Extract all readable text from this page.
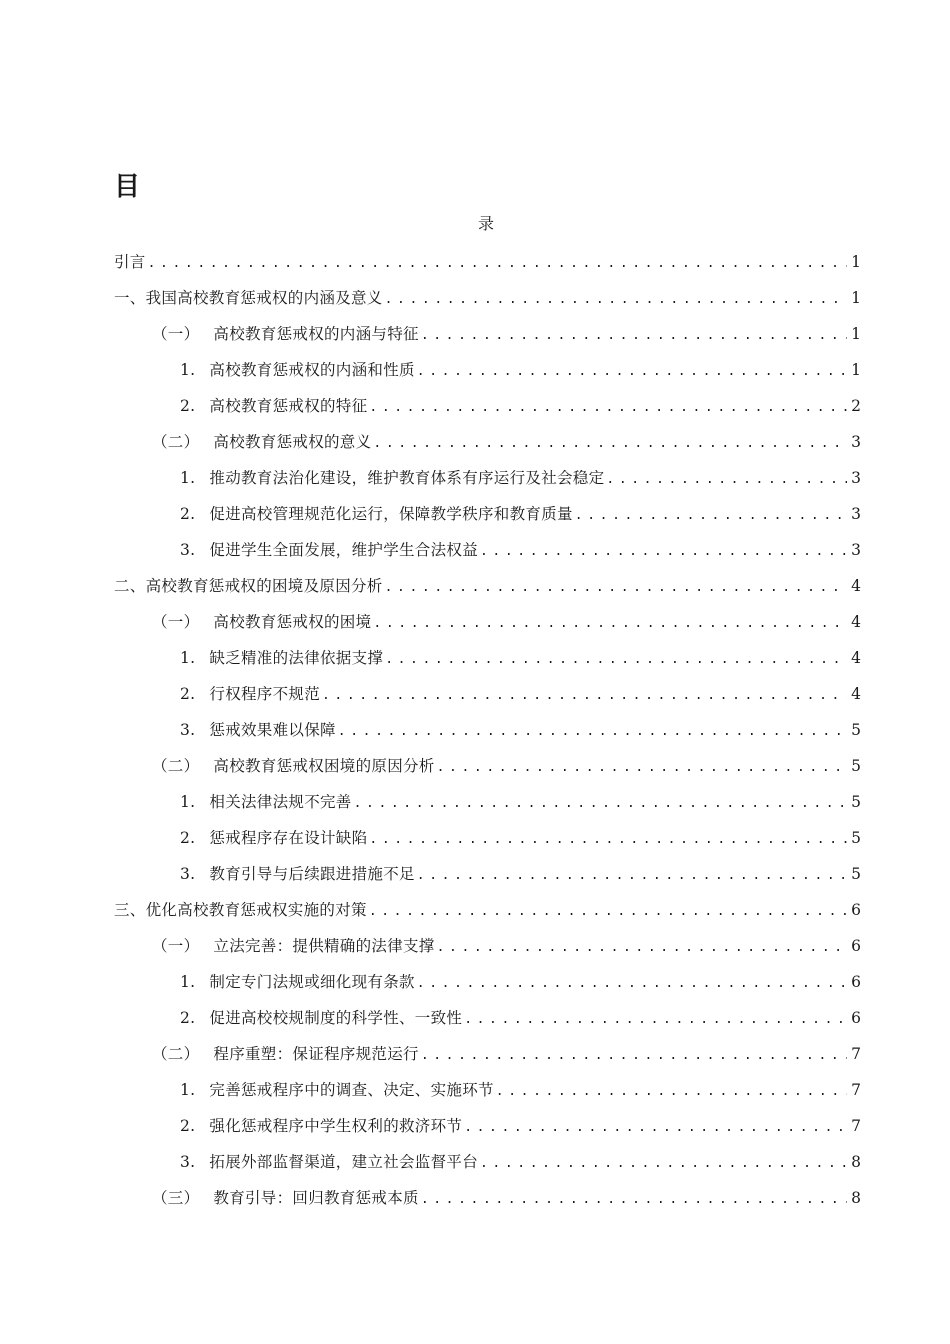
目
录
引言 .....	1
一、我国高校教育惩戒权的内涵及意义 .....	1
（一） 高校教育惩戒权的内涵与特征 .....	1
1. 高校教育惩戒权的内涵和性质 .....	1
2. 高校教育惩戒权的特征 .....	2
（二） 高校教育惩戒权的意义 .....	3
1. 推动教育法治化建设，维护教育体系有序运行及社会稳定 .....	3
2. 促进高校管理规范化运行，保障教学秩序和教育质量 .....	3
3. 促进学生全面发展，维护学生合法权益 .....	3
二、高校教育惩戒权的困境及原因分析 .....	4
（一） 高校教育惩戒权的困境 .....	4
1. 缺乏精准的法律依据支撑 .....	4
2. 行权程序不规范 .....	4
3. 惩戒效果难以保障 .....	5
（二） 高校教育惩戒权困境的原因分析 .....	5
1. 相关法律法规不完善 .....	5
2. 惩戒程序存在设计缺陷 .....	5
3. 教育引导与后续跟进措施不足 .....	5
三、优化高校教育惩戒权实施的对策 .....	6
（一） 立法完善：提供精确的法律支撑 .....	6
1. 制定专门法规或细化现有条款 .....	6
2. 促进高校校规制度的科学性、一致性 .....	6
（二） 程序重塑：保证程序规范运行 .....	7
1. 完善惩戒程序中的调查、决定、实施环节 .....	7
2. 强化惩戒程序中学生权利的救济环节 .....	7
3. 拓展外部监督渠道，建立社会监督平台 .....	8
（三） 教育引导：回归教育惩戒本质 .....	8
